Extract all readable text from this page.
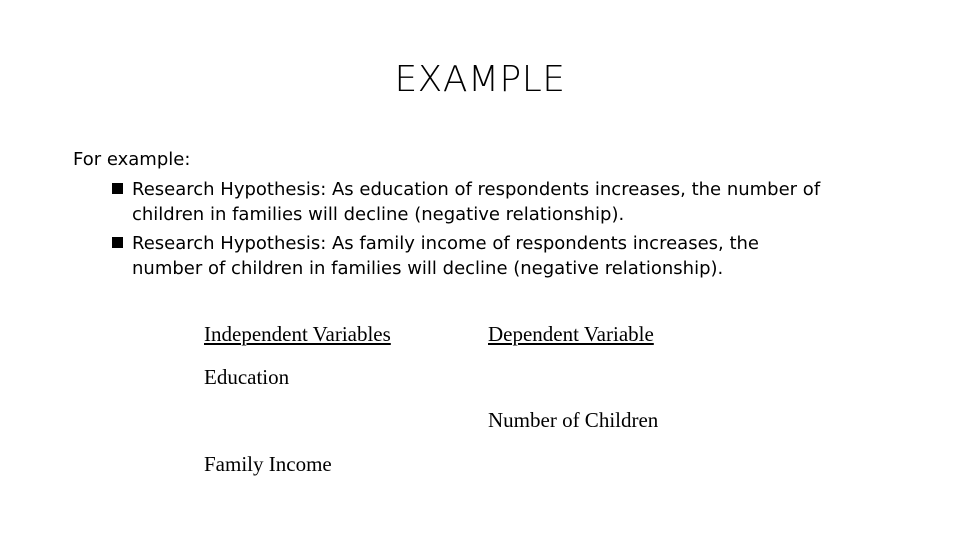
EXAMPLE
For example:
Research Hypothesis: As education of respondents increases, the number of
children in families will decline (negative relationship).
Research Hypothesis: As family income of respondents increases, the
number of children in families will decline (negative relationship).
Independent Variables	Dependent Variable
Education
Number of Children
Family Income
